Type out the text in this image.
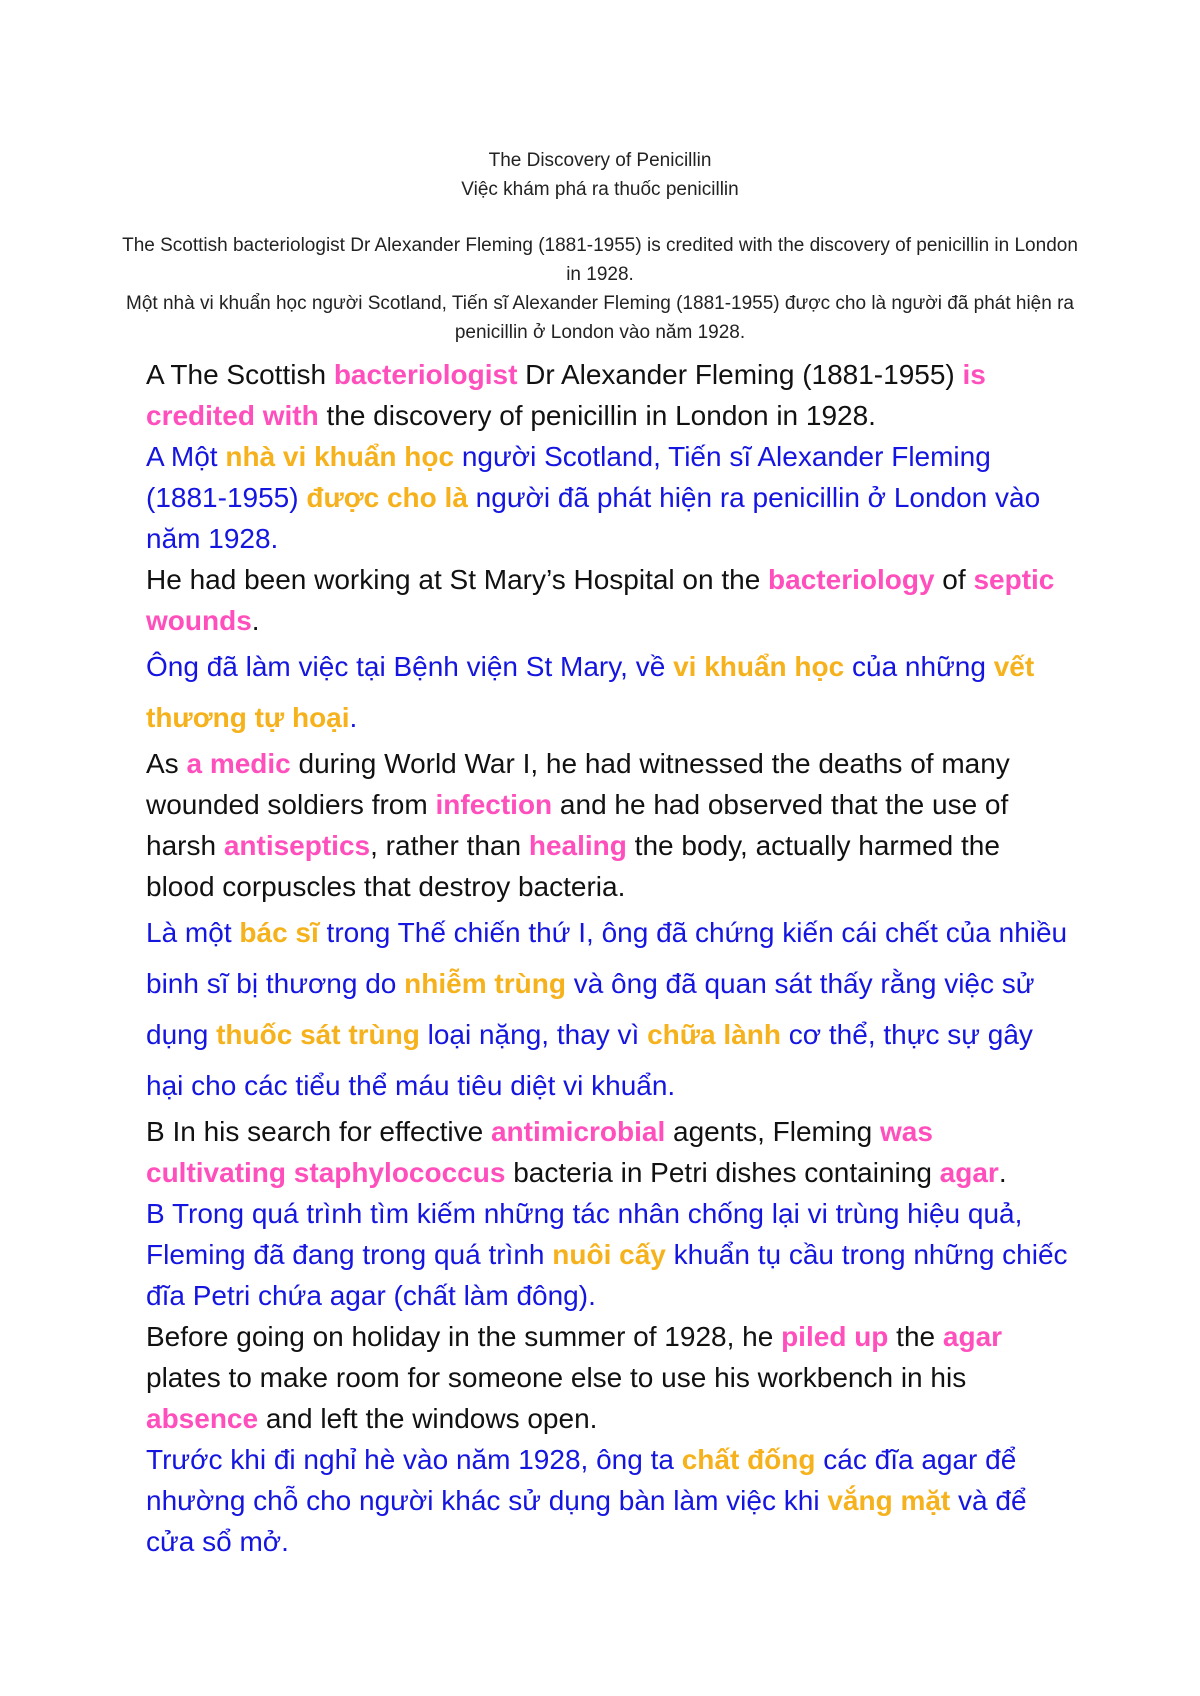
The Discovery of Penicillin

Việc khám phá ra thuốc penicillin

The Scottish bacteriologist Dr Alexander Fleming (1881-1955) is credited with the discovery of penicillin in London in 1928.

Một nhà vi khuẩn học người Scotland, Tiến sĩ Alexander Fleming (1881-1955) được cho là người đã phát hiện ra penicillin ở London vào năm 1928.

A The Scottish bacteriologist Dr Alexander Fleming (1881-1955) is credited with the discovery of penicillin in London in 1928.

A Một nhà vi khuẩn học người Scotland, Tiến sĩ Alexander Fleming (1881-1955) được cho là người đã phát hiện ra penicillin ở London vào năm 1928.

He had been working at St Mary’s Hospital on the bacteriology of septic wounds.

Ông đã làm việc tại Bệnh viện St Mary, về vi khuẩn học của những vết thương tự hoại.

As a medic during World War I, he had witnessed the deaths of many wounded soldiers from infection and he had observed that the use of harsh antiseptics, rather than healing the body, actually harmed the blood corpuscles that destroy bacteria.

Là một bác sĩ trong Thế chiến thứ I, ông đã chứng kiến cái chết của nhiều binh sĩ bị thương do nhiễm trùng và ông đã quan sát thấy rằng việc sử dụng thuốc sát trùng loại nặng, thay vì chữa lành cơ thể, thực sự gây hại cho các tiểu thể máu tiêu diệt vi khuẩn.

B In his search for effective antimicrobial agents, Fleming was cultivating staphylococcus bacteria in Petri dishes containing agar.

B Trong quá trình tìm kiếm những tác nhân chống lại vi trùng hiệu quả, Fleming đã đang trong quá trình nuôi cấy khuẩn tụ cầu trong những chiếc đĩa Petri chứa agar (chất làm đông).

Before going on holiday in the summer of 1928, he piled up the agar plates to make room for someone else to use his workbench in his absence and left the windows open.

Trước khi đi nghỉ hè vào năm 1928, ông ta chất đống các đĩa agar để nhường chỗ cho người khác sử dụng bàn làm việc khi vắng mặt và để cửa sổ mở.
